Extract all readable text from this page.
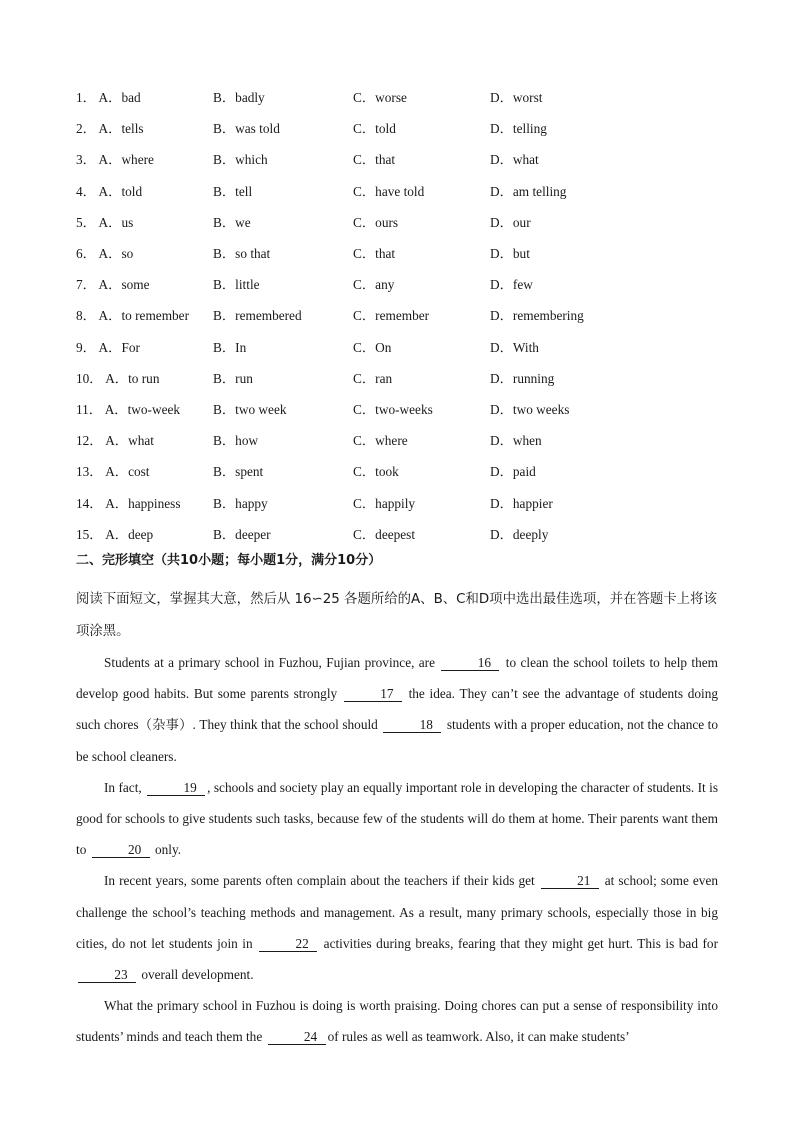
1． A．bad	B．badly	C．worse	D．worst
2． A．tells	B．was told	C．told	D．telling
3． A．where	B．which	C．that	D．what
4． A．told	B．tell	C．have told	D．am telling
5． A．us	B．we	C．ours	D．our
6． A．so	B．so that	C．that	D．but
7． A．some	B．little	C．any	D．few
8． A．to remember B．remembered	C．remember	D．remembering
9． A．For	B．In	C．On	D．With
10． A．to run	B．run	C．ran	D．running
11． A．two-week B．two week	C．two-weeks	D．two weeks
12． A．what	B．how	C．where	D．when
13． A．cost	B．spent	C．took	D．paid
14． A．happiness B．happy	C．happily	D．happier
15． A．deep	B．deeper	C．deepest	D．deeply
二、完形填空（共10小题；每小题1分，满分10分）
阅读下面短文，掌握其大意，然后从 16∽25 各题所给的A、B、C和D项中选出最佳选项，并在答题卡上将该项涂黑。

Students at a primary school in Fuzhou, Fujian province, are	16 to clean the school toilets to help them develop good habits. But some parents strongly	17 the idea. They can’t see the advantage of students doing such chores（杂事）. They think that the school should	18 students with a proper education, not the chance to be school cleaners.

In fact,	19 , schools and society play an equally important role in developing the character of students. It is good for schools to give students such tasks, because few of the students will do them at home. Their parents want them to	20 only.

In recent years, some parents often complain about the teachers if their kids get	21 at school; some even challenge the school’s teaching methods and management. As a result, many primary schools, especially those in big cities, do not let students join in	22 activities during breaks, fearing that they might get hurt. This is bad for 23 overall development.

What the primary school in Fuzhou is doing is worth praising. Doing chores can put a sense of responsibility into students’ minds and teach them the	24 of rules as well as teamwork. Also, it can make students’
